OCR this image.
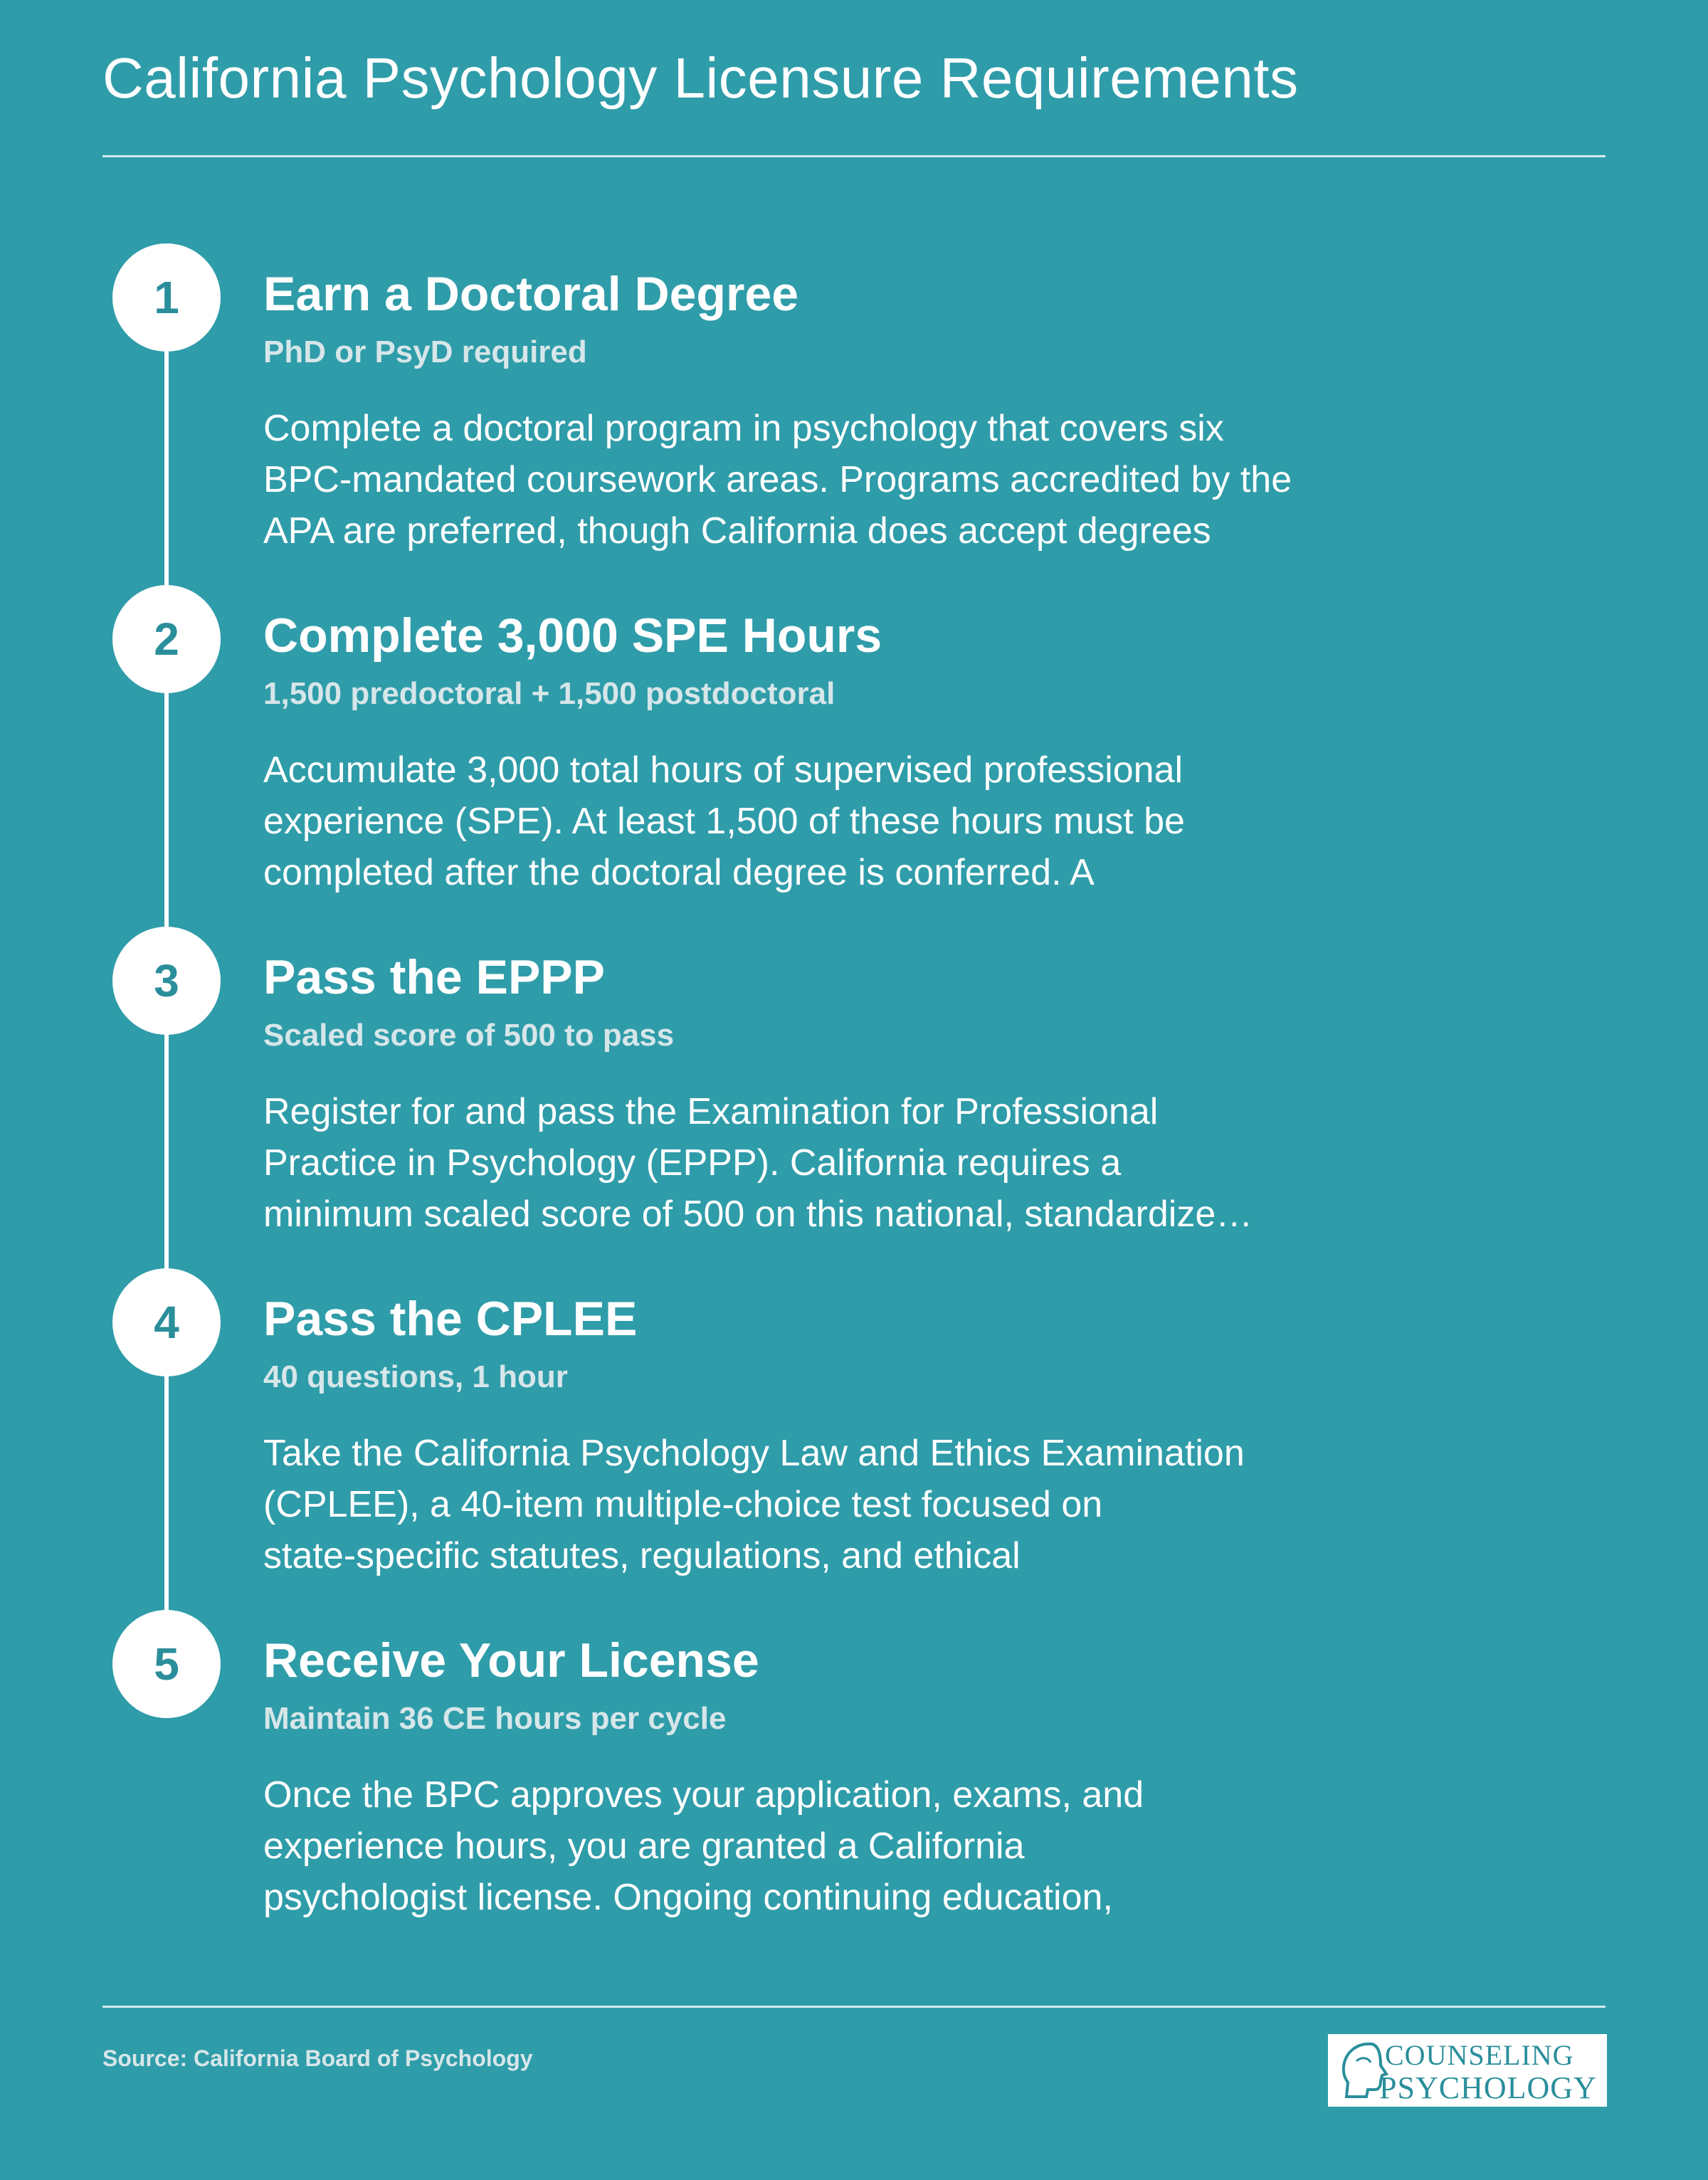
California Psychology Licensure Requirements
1	Earn a Doctoral Degree
PhD or PsyD required
Complete a doctoral program in psychology that covers six
BPC-mandated coursework areas. Programs accredited by the
APA are preferred, though California does accept degrees
2	Complete 3,000 SPE Hours
1,500 predoctoral + 1,500 postdoctoral
Accumulate 3,000 total hours of supervised professional
experience (SPE). At least 1,500 of these hours must be
completed after the doctoral degree is conferred. A
3	Pass the EPPP
Scaled score of 500 to pass
Register for and pass the Examination for Professional
Practice in Psychology (EPPP). California requires a
minimum scaled score of 500 on this national, standardize…
4	Pass the CPLEE
40 questions, 1 hour
Take the California Psychology Law and Ethics Examination
(CPLEE), a 40-item multiple-choice test focused on
state-specific statutes, regulations, and ethical
5	Receive Your License
Maintain 36 CE hours per cycle
Once the BPC approves your application, exams, and
experience hours, you are granted a California
psychologist license. Ongoing continuing education,
Source: California Board of Psychology	COUNSELING
PSYCHOLOGY
